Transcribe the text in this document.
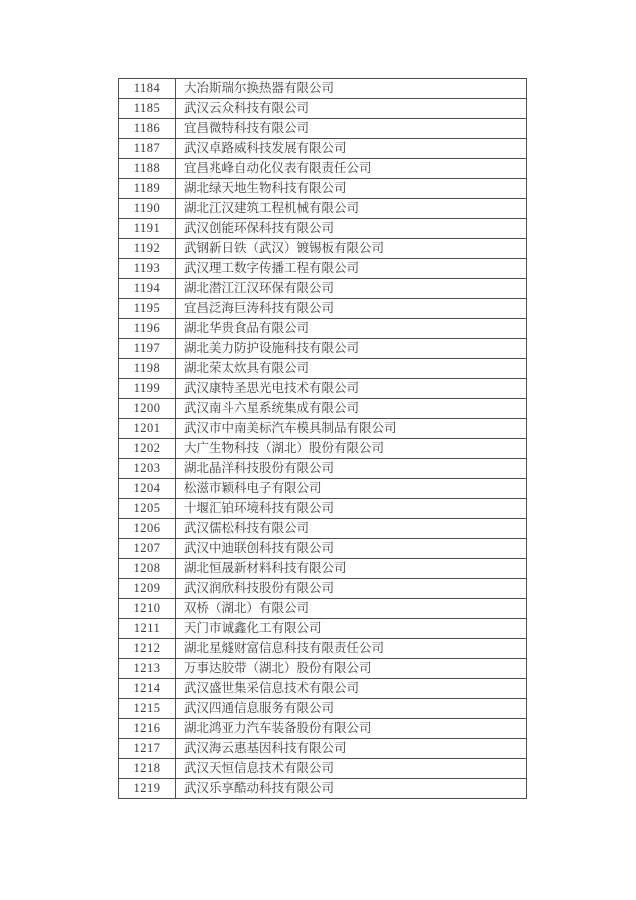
1184	大冶斯瑞尔换热器有限公司
1185	武汉云众科技有限公司
1186	宜昌微特科技有限公司
1187	武汉卓路威科技发展有限公司
1188	宜昌兆峰自动化仪表有限责任公司
1189	湖北绿天地生物科技有限公司
1190	湖北江汉建筑工程机械有限公司
1191	武汉创能环保科技有限公司
1192	武钢新日铁（武汉）镀锡板有限公司
1193	武汉理工数字传播工程有限公司
1194	湖北潜江江汉环保有限公司
1195	宜昌泛海巨涛科技有限公司
1196	湖北华贵食品有限公司
1197	湖北美力防护设施科技有限公司
1198	湖北荣太炊具有限公司
1199	武汉康特圣思光电技术有限公司
1200	武汉南斗六星系统集成有限公司
1201	武汉市中南美标汽车模具制品有限公司
1202	大广生物科技（湖北）股份有限公司
1203	湖北晶洋科技股份有限公司
1204	松滋市颖科电子有限公司
1205	十堰汇铂环境科技有限公司
1206	武汉儒松科技有限公司
1207	武汉中迪联创科技有限公司
1208	湖北恒晟新材料科技有限公司
1209	武汉润欣科技股份有限公司
1210	双桥（湖北）有限公司
1211	天门市诚鑫化工有限公司
1212	湖北星燧财富信息科技有限责任公司
1213	万事达胶带（湖北）股份有限公司
1214	武汉盛世集采信息技术有限公司
1215	武汉四通信息服务有限公司
1216	湖北鸿亚力汽车装备股份有限公司
1217	武汉海云惠基因科技有限公司
1218	武汉天恒信息技术有限公司
1219	武汉乐享酷动科技有限公司
